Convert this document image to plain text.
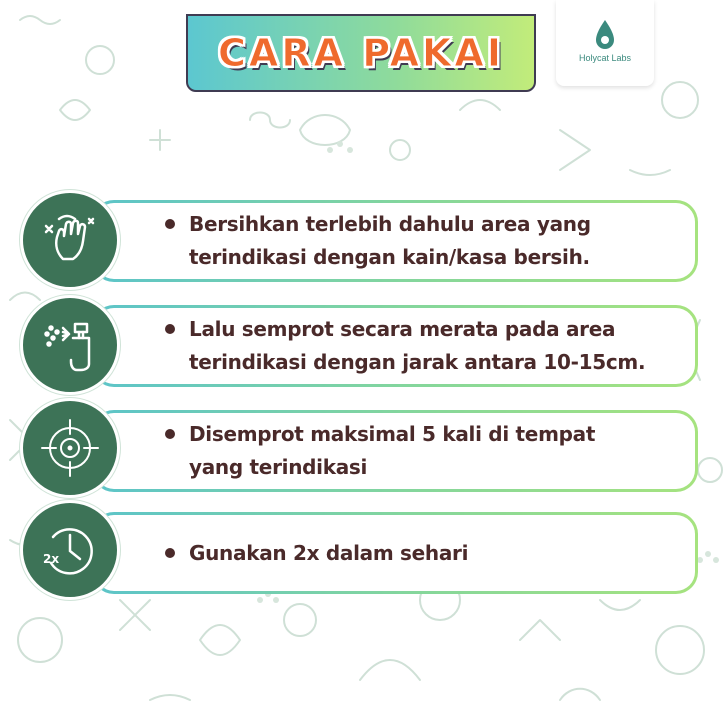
CARA PAKAI	Holycat Labs
Bersihkan terlebih dahulu area yang
terindikasi dengan kain/kasa bersih.
Lalu semprot secara merata pada area
terindikasi dengan jarak antara 10-15cm.
Disemprot maksimal 5 kali di tempat
yang terindikasi
Gunakan 2x dalam sehari
2x
